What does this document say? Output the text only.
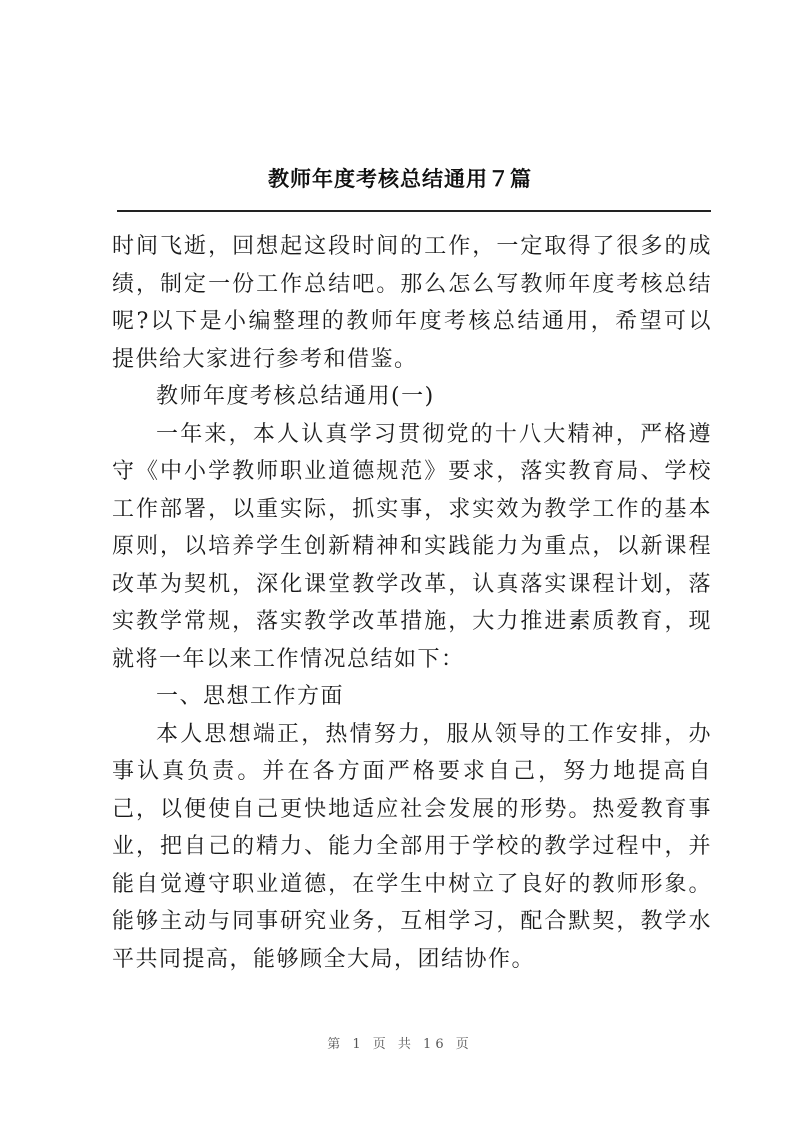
教师年度考核总结通用７篇

时间飞逝，回想起这段时间的工作，一定取得了很多的成绩，制定一份工作总结吧。那么怎么写教师年度考核总结呢?以下是小编整理的教师年度考核总结通用，希望可以提供给大家进行参考和借鉴。

教师年度考核总结通用(一)

一年来，本人认真学习贯彻党的十八大精神，严格遵守《中小学教师职业道德规范》要求，落实教育局、学校工作部署，以重实际，抓实事，求实效为教学工作的基本原则，以培养学生创新精神和实践能力为重点，以新课程改革为契机，深化课堂教学改革，认真落实课程计划，落实教学常规，落实教学改革措施，大力推进素质教育，现就将一年以来工作情况总结如下：

一、思想工作方面

本人思想端正，热情努力，服从领导的工作安排，办事认真负责。并在各方面严格要求自己，努力地提高自己，以便使自己更快地适应社会发展的形势。热爱教育事业，把自己的精力、能力全部用于学校的教学过程中，并能自觉遵守职业道德，在学生中树立了良好的教师形象。能够主动与同事研究业务，互相学习，配合默契，教学水平共同提高，能够顾全大局，团结协作。

第 1 页 共 16 页
